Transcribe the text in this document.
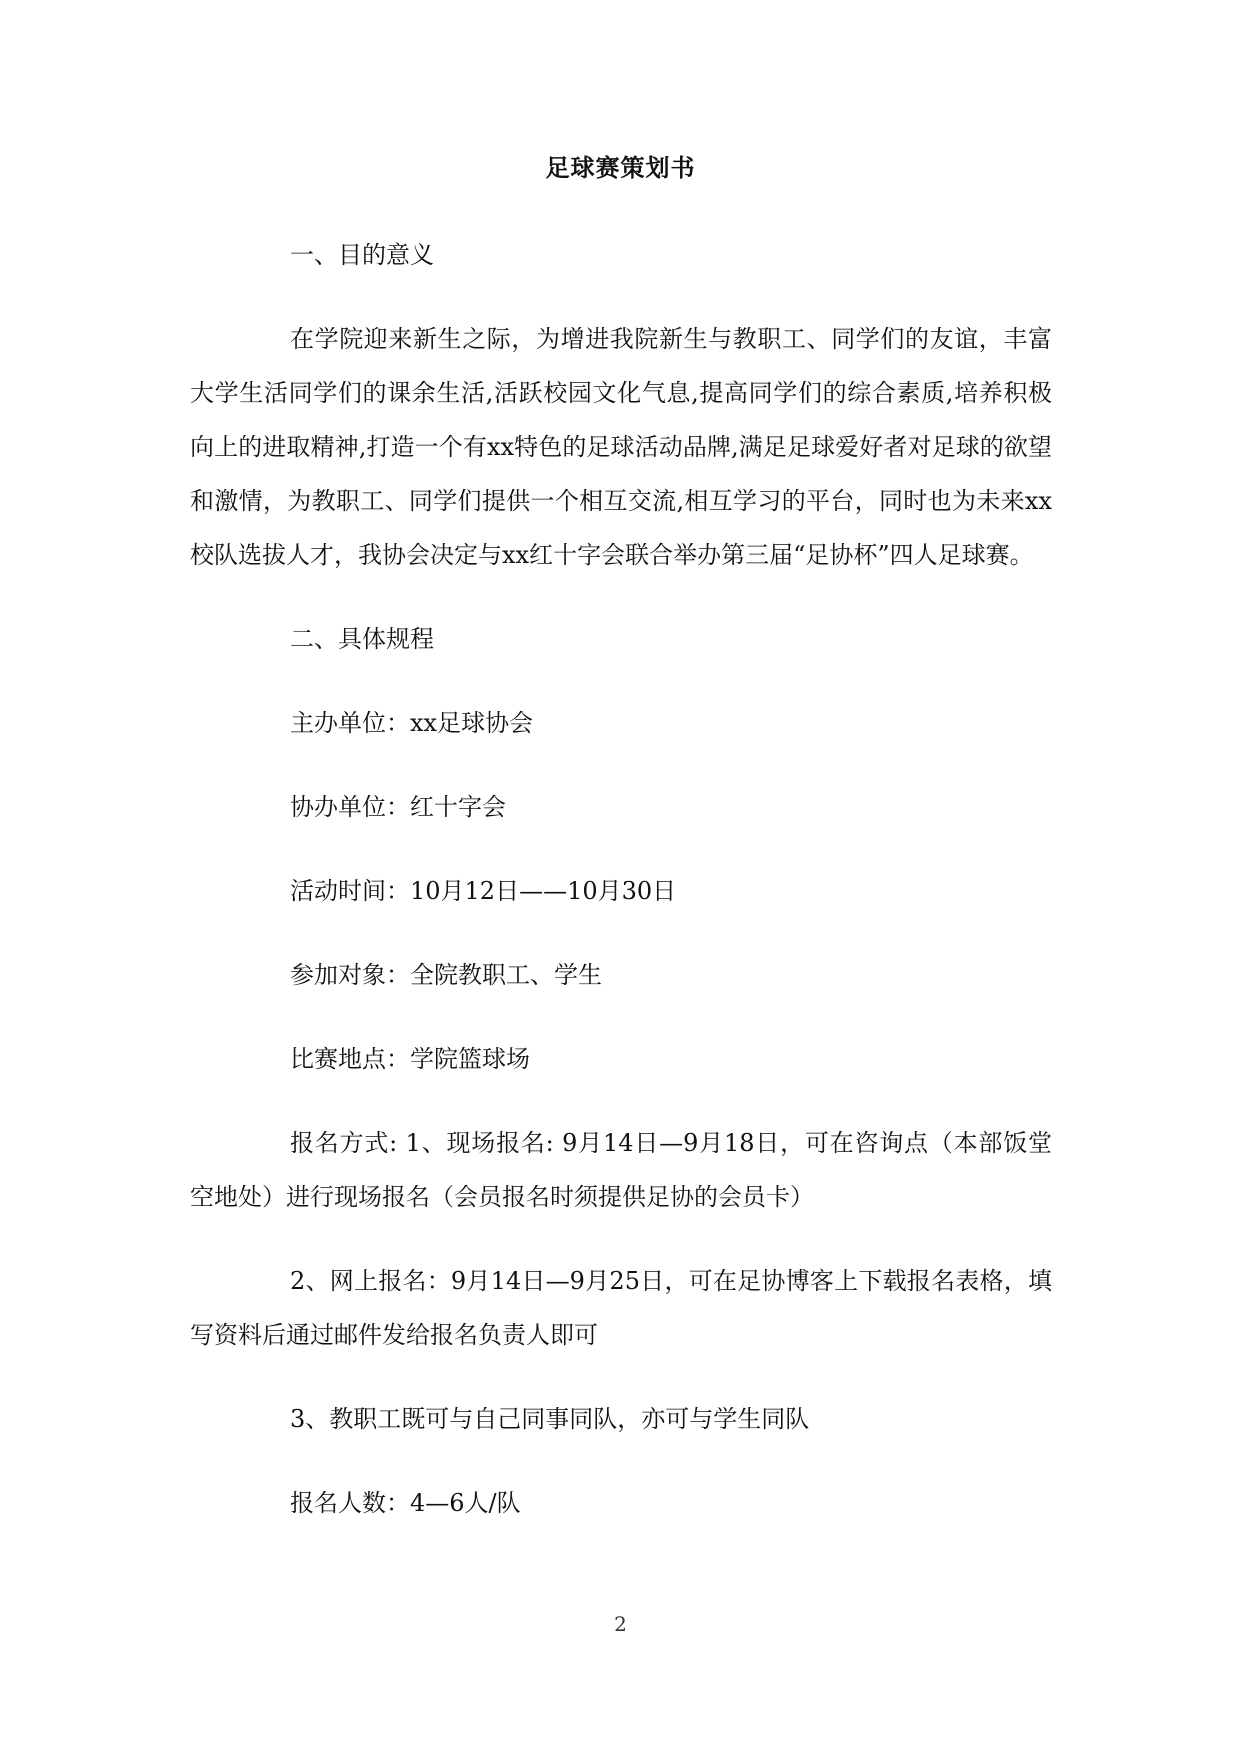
足球赛策划书

一、目的意义

在学院迎来新生之际，为增进我院新生与教职工、同学们的友谊，丰富大学生活同学们的课余生活,活跃校园文化气息,提高同学们的综合素质,培养积极向上的进取精神,打造一个有xx特色的足球活动品牌,满足足球爱好者对足球的欲望和激情，为教职工、同学们提供一个相互交流,相互学习的平台，同时也为未来xx校队选拔人才，我协会决定与xx红十字会联合举办第三届“足协杯”四人足球赛。

二、具体规程

主办单位：xx足球协会

协办单位：红十字会

活动时间：10月12日——10月30日

参加对象：全院教职工、学生

比赛地点：学院篮球场

报名方式: 1、现场报名: 9月14日—9月18日，可在咨询点（本部饭堂空地处）进行现场报名（会员报名时须提供足协的会员卡）

2、网上报名：9月14日—9月25日，可在足协博客上下载报名表格，填写资料后通过邮件发给报名负责人即可

3、教职工既可与自己同事同队，亦可与学生同队

报名人数：4—6人/队

2
